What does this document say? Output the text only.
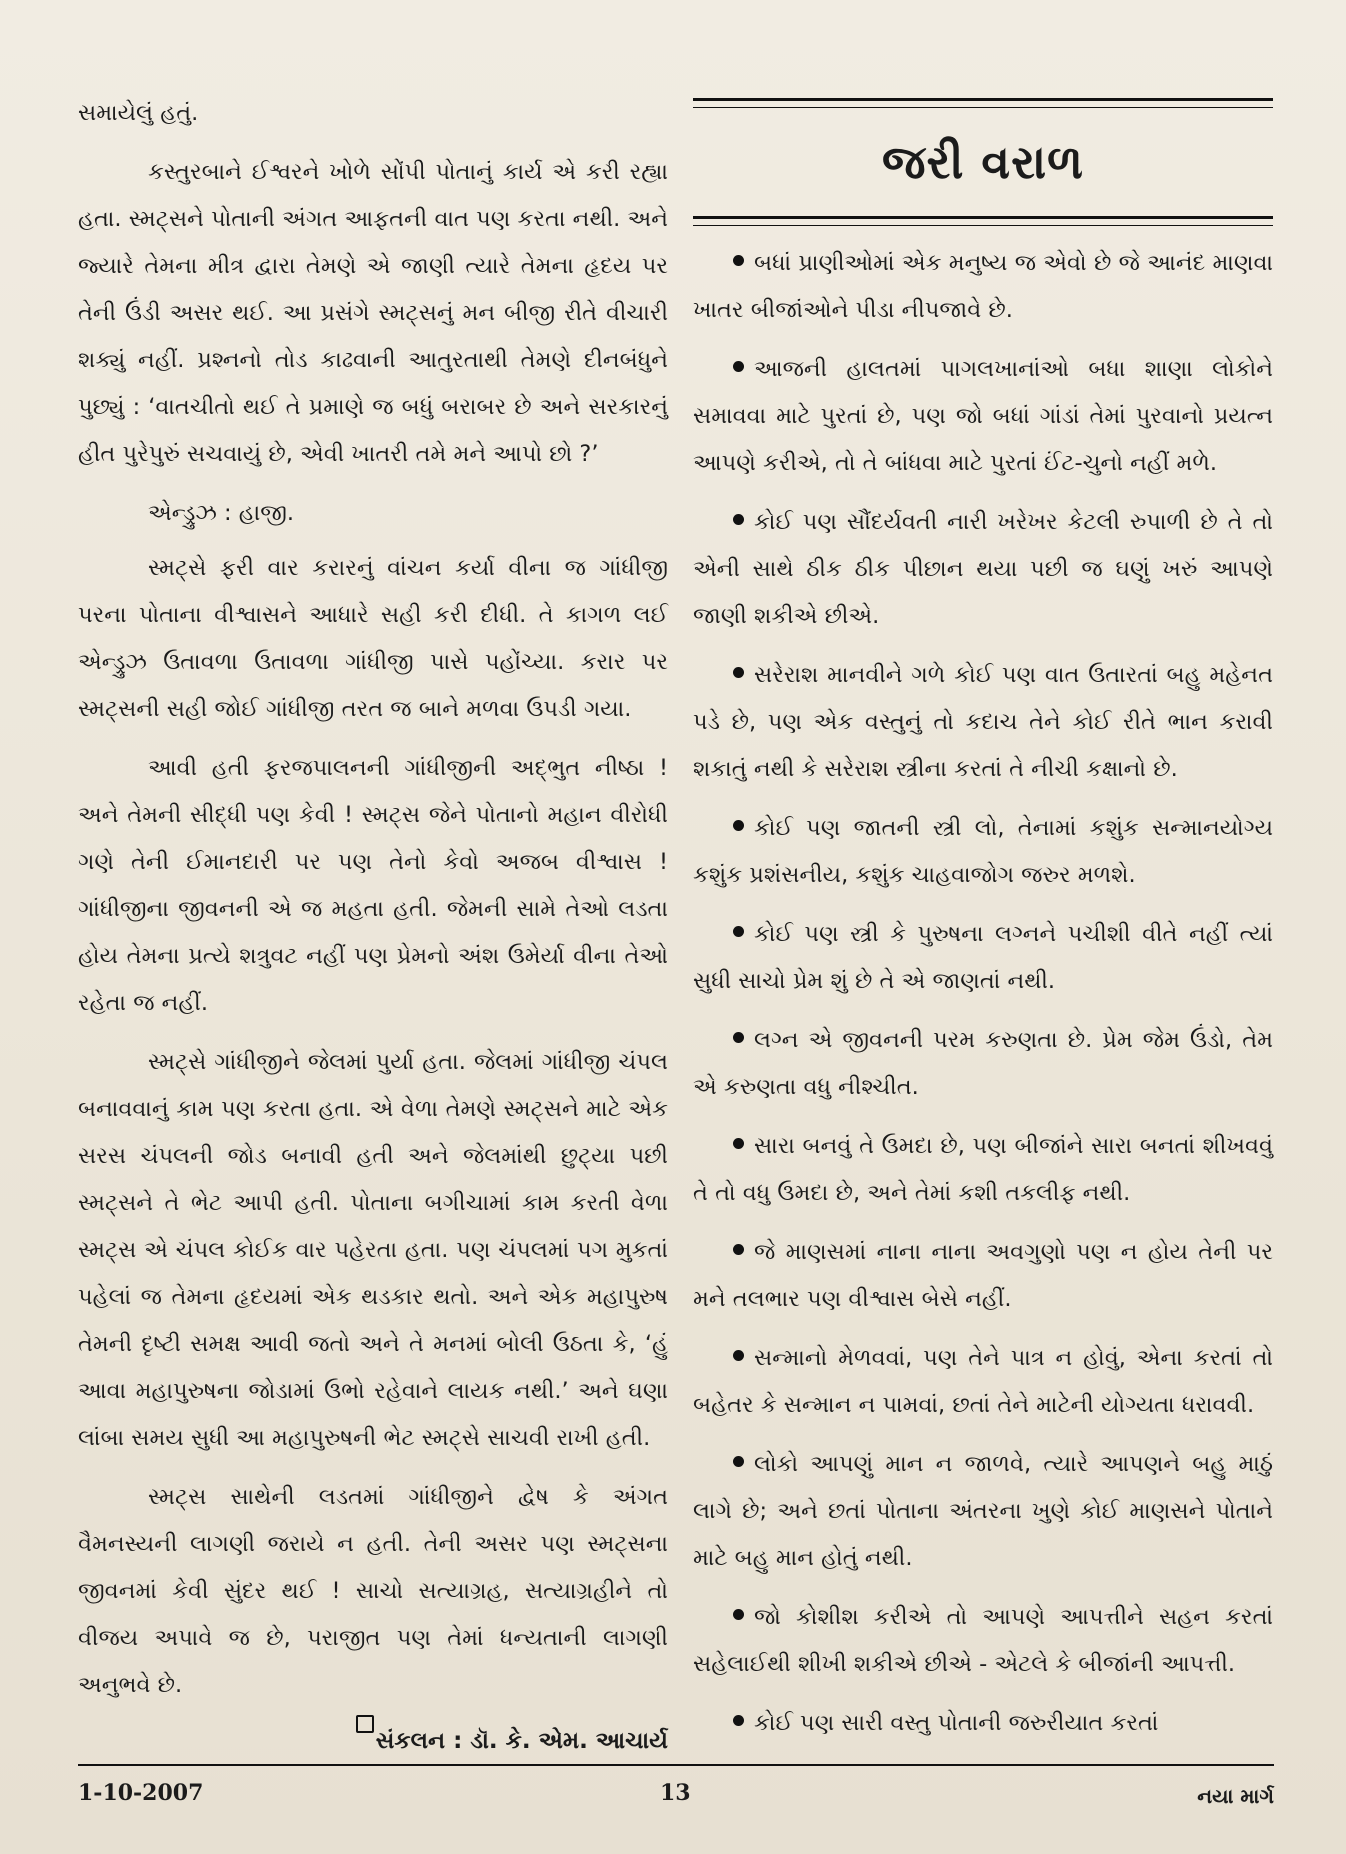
સમાયેલું હતું.

કસ્તુરબાને ઈશ્વરને ખોળે સોંપી પોતાનું કાર્ય એ કરી રહ્યા હતા. સ્મટ્સને પોતાની અંગત આફતની વાત પણ કરતા નથી. અને જ્યારે તેમના મીત્ર દ્વારા તેમણે એ જાણી ત્યારે તેમના હૃદય પર તેની ઉંડી અસર થઈ. આ પ્રસંગે સ્મટ્સનું મન બીજી રીતે વીચારી શક્યું નહીં. પ્રશ્નનો તોડ કાઢવાની આતુરતાથી તેમણે દીનબંધુને પુછ્યું : ‘વાતચીતો થઈ તે પ્રમાણે જ બધું બરાબર છે અને સરકારનું હીત પુરેપુરું સચવાયું છે, એવી ખાતરી તમે મને આપો છો ?’

એન્ડ્રુઝ : હાજી.

સ્મટ્સે ફરી વાર કરારનું વાંચન કર્યા વીના જ ગાંધીજી પરના પોતાના વીશ્વાસને આધારે સહી કરી દીધી. તે કાગળ લઈ એન્ડ્રુઝ ઉતાવળા ઉતાવળા ગાંધીજી પાસે પહોંચ્યા. કરાર પર સ્મટ્સની સહી જોઈ ગાંધીજી તરત જ બાને મળવા ઉપડી ગયા.

આવી હતી ફરજપાલનની ગાંધીજીની અદ્ભુત નીષ્ઠા ! અને તેમની સીદ્ધી પણ કેવી ! સ્મટ્સ જેને પોતાનો મહાન વીરોધી ગણે તેની ઈમાનદારી પર પણ તેનો કેવો અજબ વીશ્વાસ ! ગાંધીજીના જીવનની એ જ મહતા હતી. જેમની સામે તેઓ લડતા હોય તેમના પ્રત્યે શત્રુવટ નહીં પણ પ્રેમનો અંશ ઉમેર્યા વીના તેઓ રહેતા જ નહીં.

સ્મટ્સે ગાંધીજીને જેલમાં પુર્યા હતા. જેલમાં ગાંધીજી ચંપલ બનાવવાનું કામ પણ કરતા હતા. એ વેળા તેમણે સ્મટ્સને માટે એક સરસ ચંપલની જોડ બનાવી હતી અને જેલમાંથી છુટ્યા પછી સ્મટ્સને તે ભેટ આપી હતી. પોતાના બગીચામાં કામ કરતી વેળા સ્મટ્સ એ ચંપલ કોઈક વાર પહેરતા હતા. પણ ચંપલમાં પગ મુકતાં પહેલાં જ તેમના હૃદયમાં એક થડકાર થતો. અને એક મહાપુરુષ તેમની દૃષ્ટી સમક્ષ આવી જતો અને તે મનમાં બોલી ઉઠતા કે, ‘હું આવા મહાપુરુષના જોડામાં ઉભો રહેવાને લાયક નથી.’ અને ઘણા લાંબા સમય સુધી આ મહાપુરુષની ભેટ સ્મટ્સે સાચવી રાખી હતી.

સ્મટ્સ સાથેની લડતમાં ગાંધીજીને દ્વેષ કે અંગત વૈમનસ્યની લાગણી જરાયે ન હતી. તેની અસર પણ સ્મટ્સના જીવનમાં કેવી સુંદર થઈ ! સાચો સત્યાગ્રહ, સત્યાગ્રહીને તો વીજય અપાવે જ છે, પરાજીત પણ તેમાં ધન્યતાની લાગણી અનુભવે છે.

સંકલન : ડૉ. કે. એમ. આચાર્ય
જરી વરાળ
બધાં પ્રાણીઓમાં એક મનુષ્ય જ એવો છે જે આનંદ માણવા ખાતર બીજાંઓને પીડા નીપજાવે છે.
આજની હાલતમાં પાગલખાનાંઓ બધા શાણા લોકોને સમાવવા માટે પુરતાં છે, પણ જો બધાં ગાંડાં તેમાં પુરવાનો પ્રયત્ન આપણે કરીએ, તો તે બાંધવા માટે પુરતાં ઈંટ-ચુનો નહીં મળે.
કોઈ પણ સૌંદર્યવતી નારી ખરેખર કેટલી રુપાળી છે તે તો એની સાથે ઠીક ઠીક પીછાન થયા પછી જ ઘણું ખરું આપણે જાણી શકીએ છીએ.
સરેરાશ માનવીને ગળે કોઈ પણ વાત ઉતારતાં બહુ મહેનત પડે છે, પણ એક વસ્તુનું તો કદાચ તેને કોઈ રીતે ભાન કરાવી શકાતું નથી કે સરેરાશ સ્ત્રીના કરતાં તે નીચી કક્ષાનો છે.
કોઈ પણ જાતની સ્ત્રી લો, તેનામાં કશુંક સન્માનયોગ્ય કશુંક પ્રશંસનીય, કશુંક ચાહવાજોગ જરુર મળશે.
કોઈ પણ સ્ત્રી કે પુરુષના લગ્નને પચીશી વીતે નહીં ત્યાં સુધી સાચો પ્રેમ શું છે તે એ જાણતાં નથી.
લગ્ન એ જીવનની પરમ કરુણતા છે. પ્રેમ જેમ ઉંડો, તેમ એ કરુણતા વધુ નીશ્ચીત.
સારા બનવું તે ઉમદા છે, પણ બીજાંને સારા બનતાં શીખવવું તે તો વધુ ઉમદા છે, અને તેમાં કશી તકલીફ નથી.
જે માણસમાં નાના નાના અવગુણો પણ ન હોય તેની પર મને તલભાર પણ વીશ્વાસ બેસે નહીં.
સન્માનો મેળવવાં, પણ તેને પાત્ર ન હોવું, એના કરતાં તો બહેતર કે સન્માન ન પામવાં, છતાં તેને માટેની યોગ્યતા ધરાવવી.
લોકો આપણું માન ન જાળવે, ત્યારે આપણને બહુ માઠું લાગે છે; અને છતાં પોતાના અંતરના ખુણે કોઈ માણસને પોતાને માટે બહુ માન હોતું નથી.
જો કોશીશ કરીએ તો આપણે આપત્તીને સહન કરતાં સહેલાઈથી શીખી શકીએ છીએ - એટલે કે બીજાંની આપત્તી.
કોઈ પણ સારી વસ્તુ પોતાની જરુરીયાત કરતાં
1-10-2007	13	નયા માર્ગ
